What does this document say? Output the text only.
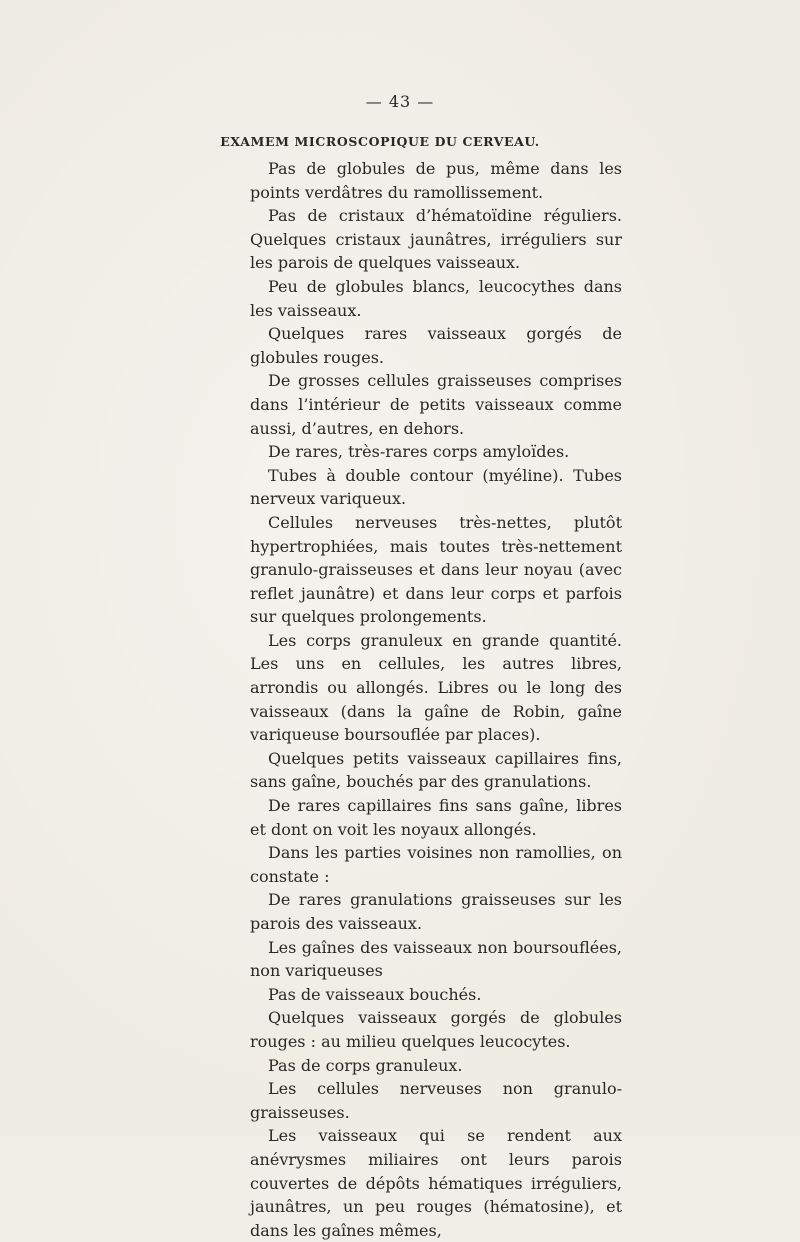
— 43 —
EXAMEM MICROSCOPIQUE DU CERVEAU.

Pas de globules de pus, même dans les points verdâtres du ramollissement.

Pas de cristaux d’hématoïdine réguliers. Quelques cristaux jaunâtres, irréguliers sur les parois de quelques vaisseaux.

Peu de globules blancs, leucocythes dans les vaisseaux.

Quelques rares vaisseaux gorgés de globules rouges.

De grosses cellules graisseuses comprises dans l’intérieur de petits vaisseaux comme aussi, d’autres, en dehors.

De rares, très-rares corps amyloïdes.

Tubes à double contour (myéline). Tubes nerveux variqueux.

Cellules nerveuses très-nettes, plutôt hypertrophiées, mais toutes très-nettement granulo-graisseuses et dans leur noyau (avec reflet jaunâtre) et dans leur corps et parfois sur quelques prolongements.

Les corps granuleux en grande quantité. Les uns en cellules, les autres libres, arrondis ou allongés. Libres ou le long des vaisseaux (dans la gaîne de Robin, gaîne variqueuse boursouflée par places).

Quelques petits vaisseaux capillaires fins, sans gaîne, bouchés par des granulations.

De rares capillaires fins sans gaîne, libres et dont on voit les noyaux allongés.

Dans les parties voisines non ramollies, on constate :

De rares granulations graisseuses sur les parois des vaisseaux.

Les gaînes des vaisseaux non boursouflées, non variqueuses

Pas de vaisseaux bouchés.

Quelques vaisseaux gorgés de globules rouges : au milieu quelques leucocytes.

Pas de corps granuleux.

Les cellules nerveuses non granulo-graisseuses.

Les vaisseaux qui se rendent aux anévrysmes miliaires ont leurs parois couvertes de dépôts hématiques irréguliers, jaunâtres, un peu rouges (hématosine), et dans les gaînes mêmes,
